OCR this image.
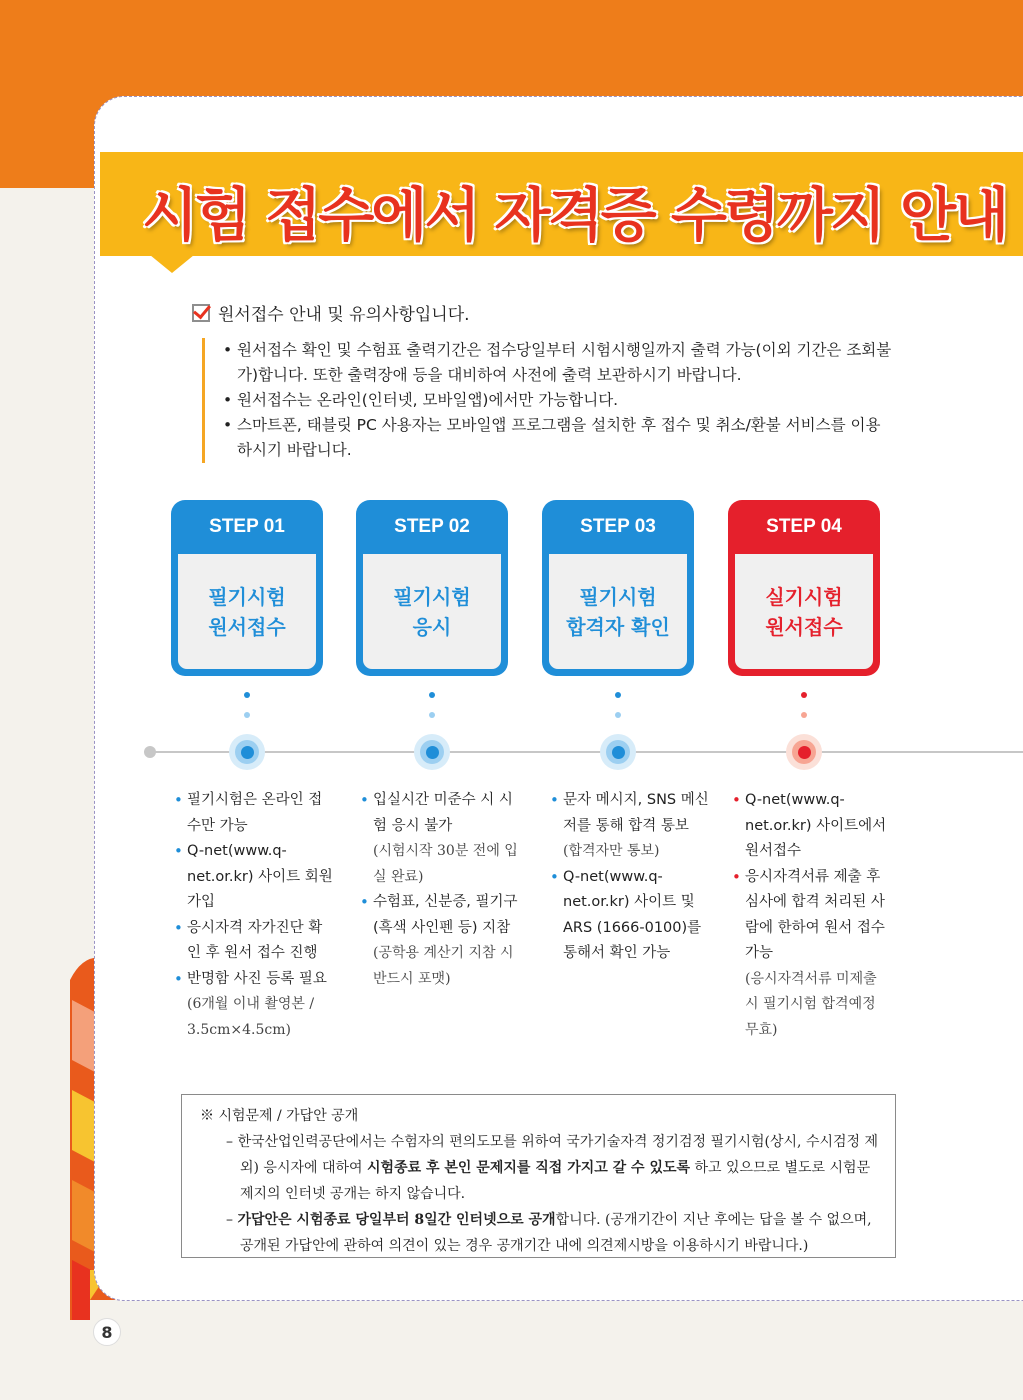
시험 접수에서 자격증 수령까지 안내
원서접수 안내 및 유의사항입니다.
• 원서접수 확인 및 수험표 출력기간은 접수당일부터 시험시행일까지 출력 가능(이외 기간은 조회불가)합니다. 또한 출력장애 등을 대비하여 사전에 출력 보관하시기 바랍니다.
• 원서접수는 온라인(인터넷, 모바일앱)에서만 가능합니다.
• 스마트폰, 태블릿 PC 사용자는 모바일앱 프로그램을 설치한 후 접수 및 취소/환불 서비스를 이용하시기 바랍니다.
STEP 01
필기시험
원서접수
STEP 02
필기시험
응시
STEP 03
필기시험
합격자 확인
STEP 04
실기시험
원서접수
• 필기시험은 온라인 접수만 가능
• Q-net(www.q-net.or.kr) 사이트 회원 가입
• 응시자격 자가진단 확인 후 원서 접수 진행
• 반명함 사진 등록 필요
(6개월 이내 촬영본 / 3.5cm×4.5cm)
• 입실시간 미준수 시 시험 응시 불가
(시험시작 30분 전에 입실 완료)
• 수험표, 신분증, 필기구 (흑색 사인펜 등) 지참
(공학용 계산기 지참 시 반드시 포맷)
• 문자 메시지, SNS 메신저를 통해 합격 통보
(합격자만 통보)
• Q-net(www.q-net.or.kr) 사이트 및 ARS (1666-0100)를 통해서 확인 가능
• Q-net(www.q-net.or.kr) 사이트에서 원서접수
• 응시자격서류 제출 후 심사에 합격 처리된 사람에 한하여 원서 접수 가능
(응시자격서류 미제출 시 필기시험 합격예정 무효)
※ 시험문제 / 가답안 공개
– 한국산업인력공단에서는 수험자의 편의도모를 위하여 국가기술자격 정기검정 필기시험(상시, 수시검정 제외) 응시자에 대하여 시험종료 후 본인 문제지를 직접 가지고 갈 수 있도록 하고 있으므로 별도로 시험문제지의 인터넷 공개는 하지 않습니다.
– 가답안은 시험종료 당일부터 8일간 인터넷으로 공개합니다. (공개기간이 지난 후에는 답을 볼 수 없으며, 공개된 가답안에 관하여 의견이 있는 경우 공개기간 내에 의견제시방을 이용하시기 바랍니다.)
8
